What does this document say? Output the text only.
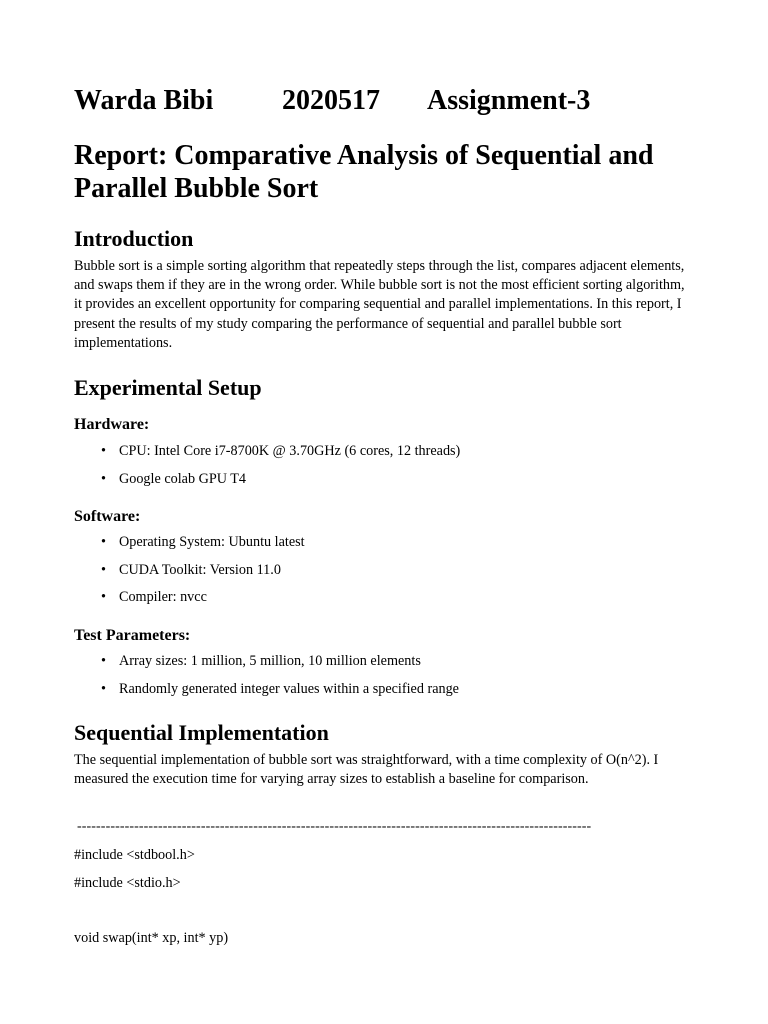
Warda Bibi 2020517 Assignment-3
Report: Comparative Analysis of Sequential and Parallel Bubble Sort
Introduction

Bubble sort is a simple sorting algorithm that repeatedly steps through the list, compares adjacent elements, and swaps them if they are in the wrong order. While bubble sort is not the most efficient sorting algorithm, it provides an excellent opportunity for comparing sequential and parallel implementations. In this report, I present the results of my study comparing the performance of sequential and parallel bubble sort implementations.

Experimental Setup
Hardware:
• CPU: Intel Core i7-8700K @ 3.70GHz (6 cores, 12 threads)
• Google colab GPU T4
Software:
• Operating System: Ubuntu latest
• CUDA Toolkit: Version 11.0
• Compiler: nvcc
Test Parameters:
• Array sizes: 1 million, 5 million, 10 million elements
• Randomly generated integer values within a specified range
Sequential Implementation

The sequential implementation of bubble sort was straightforward, with a time complexity of O(n^2). I measured the execution time for varying array sizes to establish a baseline for comparison.

------------------------------------------------------------------------------------------------------------
#include <stdbool.h>
#include <stdio.h>
void swap(int* xp, int* yp)
